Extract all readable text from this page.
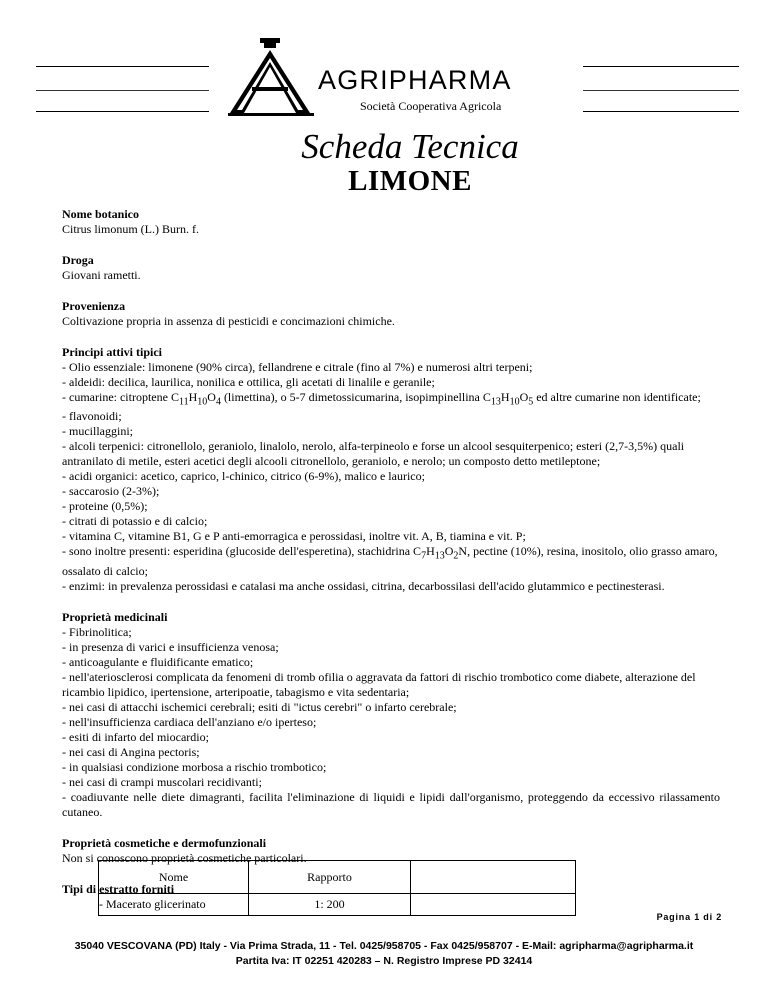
AGRIPHARMA
Società Cooperativa Agricola
Scheda Tecnica
LIMONE
Nome botanico

Citrus limonum (L.) Burn. f.

Droga

Giovani rametti.

Provenienza

Coltivazione propria in assenza di pesticidi e concimazioni chimiche.

Principi attivi tipici

- Olio essenziale: limonene (90% circa), fellandrene e citrale (fino al 7%) e numerosi altri terpeni;

- aldeidi: decilica, laurilica, nonilica e ottilica, gli acetati di linalile e geranile;

- cumarine: citroptene $C_{11}H_{10}O_4$ (limettina), o 5-7 dimetossicumarina, isopimpinellina $C_{13}H_{10}O_5$ ed altre cumarine non identificate;

- flavonoidi;

- mucillaggini;

- alcoli terpenici: citronellolo, geraniolo, linalolo, nerolo, alfa-terpineolo e forse un alcool sesquiterpenico; esteri (2,7-3,5%) quali antranilato di metile, esteri acetici degli alcooli citronellolo, geraniolo, e nerolo; un composto detto metileptone;

- acidi organici: acetico, caprico, l-chinico, citrico (6-9%), malico e laurico;

- saccarosio (2-3%);

- proteine (0,5%);

- citrati di potassio e di calcio;

- vitamina C, vitamine B1, G e P anti-emorragica e perossidasi, inoltre vit. A, B, tiamina e vit. P;

- sono inoltre presenti: esperidina (glucoside dell'esperetina), stachidrina $C_7H_{13}O_2N$, pectine (10%), resina, inositolo, olio grasso amaro, ossalato di calcio;

- enzimi: in prevalenza perossidasi e catalasi ma anche ossidasi, citrina, decarbossilasi dell'acido glutammico e pectinesterasi.

Proprietà medicinali

- Fibrinolitica;

- in presenza di varici e insufficienza venosa;

- anticoagulante e fluidificante ematico;

- nell'ateriosclerosi complicata da fenomeni di tromb ofilia o aggravata da fattori di rischio trombotico come diabete, alterazione del ricambio lipidico, ipertensione, arteripoatie, tabagismo e vita sedentaria;

- nei casi di attacchi ischemici cerebrali; esiti di "ictus cerebri" o infarto cerebrale;

- nell'insufficienza cardiaca dell'anziano e/o iperteso;

- esiti di infarto del miocardio;

- nei casi di Angina pectoris;

- in qualsiasi condizione morbosa a rischio trombotico;

- nei casi di crampi muscolari recidivanti;

- coadiuvante nelle diete dimagranti, facilita l'eliminazione di liquidi e lipidi dall'organismo, proteggendo da eccessivo rilassamento cutaneo.

Proprietà cosmetiche e dermofunzionali

Non si conoscono proprietà cosmetiche particolari.

Tipi di estratto forniti
Nome	Rapporto	
- Macerato glicerinato	1: 200	
Pagina 1 di 2
35040 VESCOVANA (PD) Italy - Via Prima Strada, 11 - Tel. 0425/958705 - Fax 0425/958707 - E-Mail: agripharma@agripharma.it
Partita Iva: IT 02251 420283 – N. Registro Imprese PD 32414
